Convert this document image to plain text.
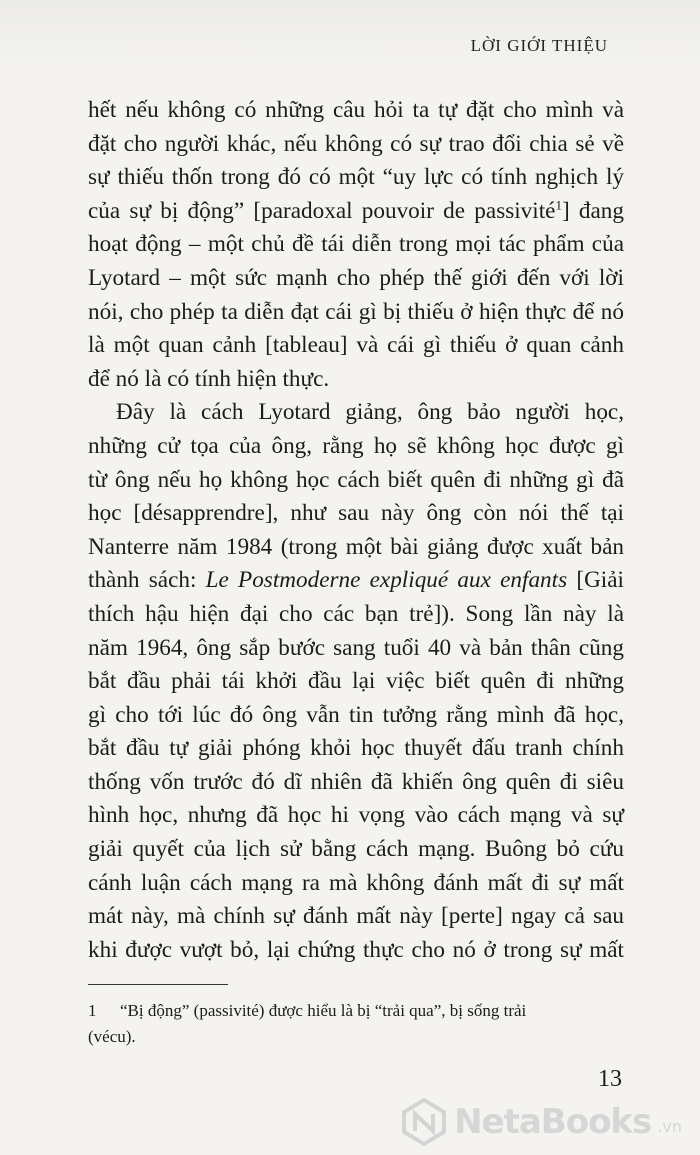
LỜI GIỚI THIỆU
hết nếu không có những câu hỏi ta tự đặt cho mình và
đặt cho người khác, nếu không có sự trao đổi chia sẻ về
sự thiếu thốn trong đó có một “uy lực có tính nghịch lý
của sự bị động” [paradoxal pouvoir de passivité$^1$] đang
hoạt động – một chủ đề tái diễn trong mọi tác phẩm của
Lyotard – một sức mạnh cho phép thế giới đến với lời
nói, cho phép ta diễn đạt cái gì bị thiếu ở hiện thực để nó
là một quan cảnh [tableau] và cái gì thiếu ở quan cảnh
để nó là có tính hiện thực.
Đây là cách Lyotard giảng, ông bảo người học,
những cử tọa của ông, rằng họ sẽ không học được gì
từ ông nếu họ không học cách biết quên đi những gì đã
học [désapprendre], như sau này ông còn nói thế tại
Nanterre năm 1984 (trong một bài giảng được xuất bản
thành sách: Le Postmoderne expliqué aux enfants [Giải
thích hậu hiện đại cho các bạn trẻ]). Song lần này là
năm 1964, ông sắp bước sang tuổi 40 và bản thân cũng
bắt đầu phải tái khởi đầu lại việc biết quên đi những
gì cho tới lúc đó ông vẫn tin tưởng rằng mình đã học,
bắt đầu tự giải phóng khỏi học thuyết đấu tranh chính
thống vốn trước đó dĩ nhiên đã khiến ông quên đi siêu
hình học, nhưng đã học hi vọng vào cách mạng và sự
giải quyết của lịch sử bằng cách mạng. Buông bỏ cứu
cánh luận cách mạng ra mà không đánh mất đi sự mất
mát này, mà chính sự đánh mất này [perte] ngay cả sau
khi được vượt bỏ, lại chứng thực cho nó ở trong sự mất
1 “Bị động” (passivité) được hiểu là bị “trải qua”, bị sống trải
(vécu).
13
NetaBooks .vn
